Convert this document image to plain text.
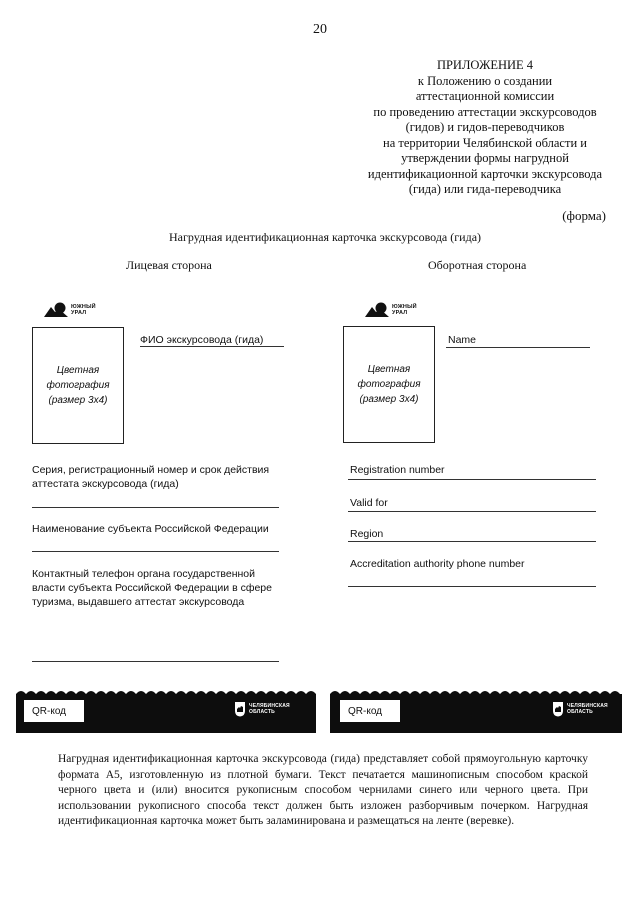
20
ПРИЛОЖЕНИЕ 4
к Положению о создании
аттестационной комиссии
по проведению аттестации экскурсоводов
(гидов) и гидов-переводчиков
на территории Челябинской области и
утверждении формы нагрудной
идентификационной карточки экскурсовода
(гида) или гида-переводчика
(форма)
Нагрудная идентификационная карточка экскурсовода (гида)
Лицевая сторона	Оборотная сторона
ЮЖНЫЙ
УРАЛ
Цветная
фотография
(размер 3х4)
ФИО экскурсовода (гида)
Серия, регистрационный номер и срок действия аттестата экскурсовода (гида)
Наименование субъекта Российской Федерации
Контактный телефон органа государственной власти субъекта Российской Федерации в сфере туризма, выдавшего аттестат экскурсовода
QR-код	ЧЕЛЯБИНСКАЯ
ОБЛАСТЬ
ЮЖНЫЙ
УРАЛ
Цветная
фотография
(размер 3х4)
Name
Registration number
Valid for
Region
Accreditation authority phone number
QR-код	ЧЕЛЯБИНСКАЯ
ОБЛАСТЬ
Нагрудная идентификационная карточка экскурсовода (гида) представляет собой прямоугольную карточку формата А5, изготовленную из плотной бумаги. Текст печатается машинописным способом краской черного цвета и (или) вносится рукописным способом чернилами синего или черного цвета. При использовании рукописного способа текст должен быть изложен разборчивым почерком. Нагрудная идентификационная карточка может быть заламинирована и размещаться на ленте (веревке).
